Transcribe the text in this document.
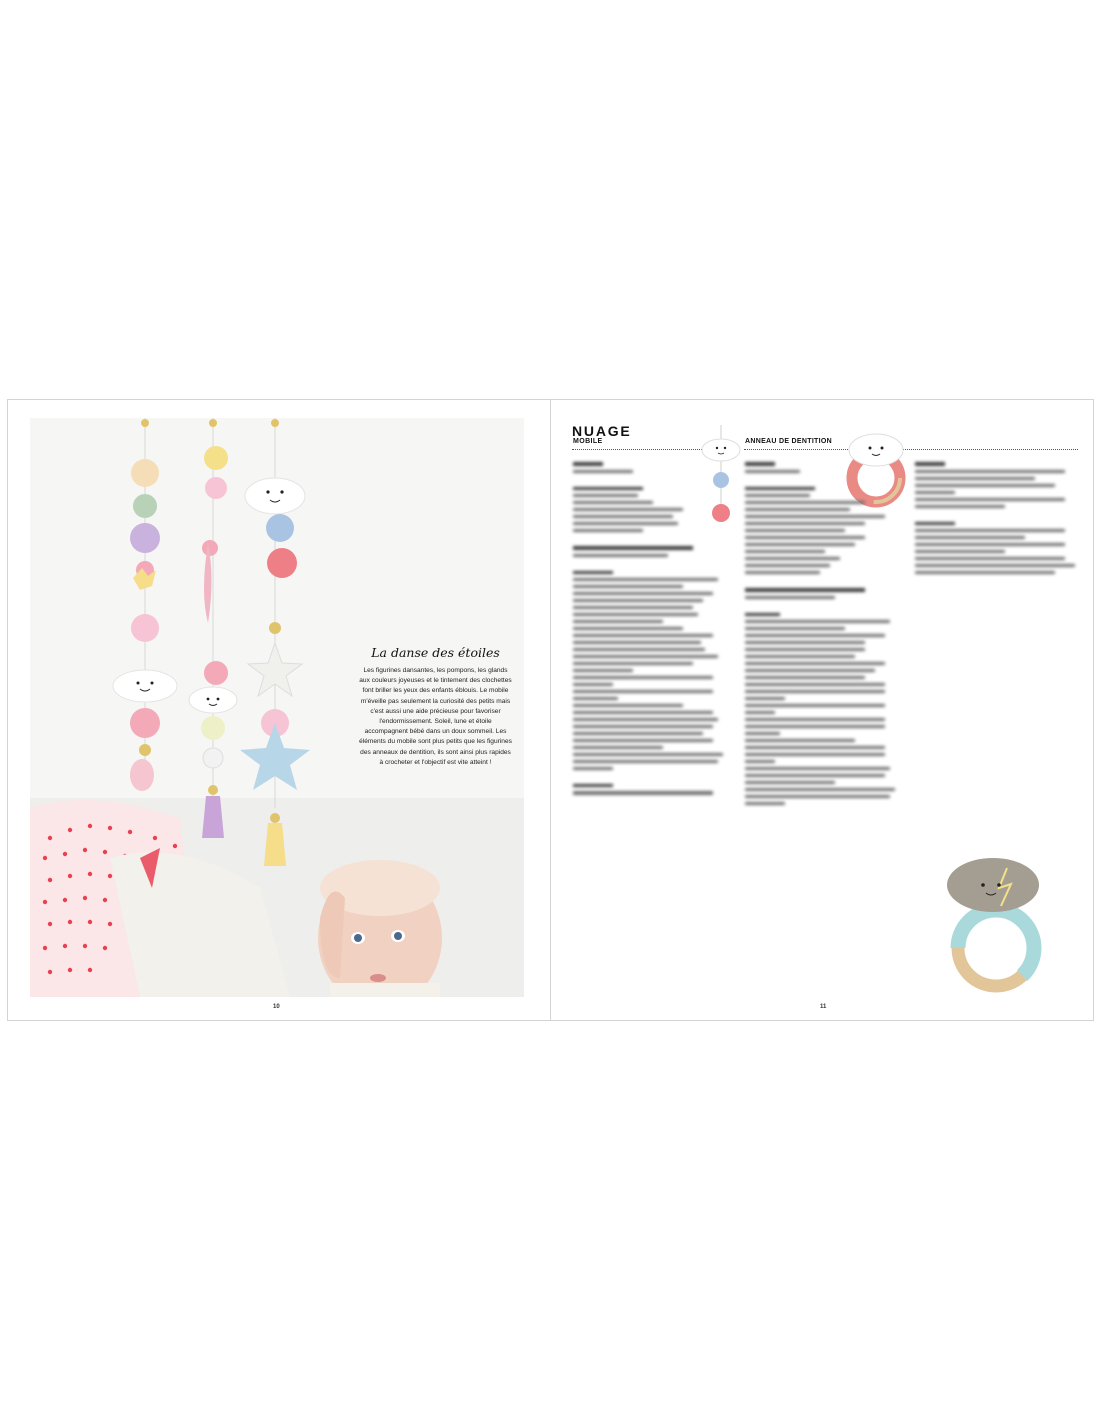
La danse des étoiles

Les figurines dansantes, les pompons, les glands aux couleurs joyeuses et le tintement des clochettes font briller les yeux des enfants éblouis. Le mobile m'éveille pas seulement la curiosité des petits mais c'est aussi une aide précieuse pour favoriser l'endormissement. Soleil, lune et étoile accompagnent bébé dans un doux sommeil. Les éléments du mobile sont plus petits que les figurines des anneaux de dentition, ils sont ainsi plus rapides à crocheter et l'objectif est vite atteint !

NUAGE
MOBILE	ANNEAU DE DENTITION
10	11
